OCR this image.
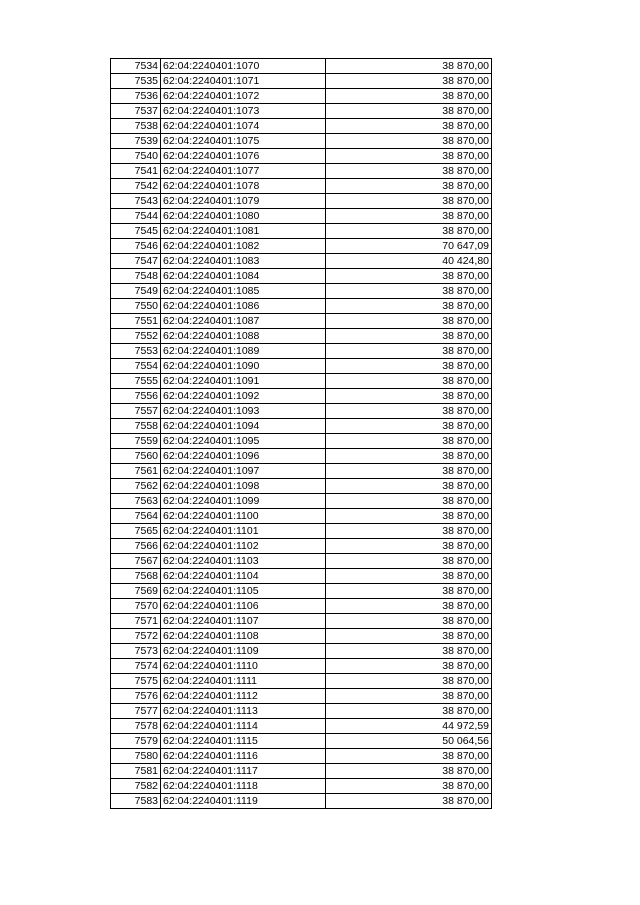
7534	62:04:2240401:1070	38 870,00
7535	62:04:2240401:1071	38 870,00
7536	62:04:2240401:1072	38 870,00
7537	62:04:2240401:1073	38 870,00
7538	62:04:2240401:1074	38 870,00
7539	62:04:2240401:1075	38 870,00
7540	62:04:2240401:1076	38 870,00
7541	62:04:2240401:1077	38 870,00
7542	62:04:2240401:1078	38 870,00
7543	62:04:2240401:1079	38 870,00
7544	62:04:2240401:1080	38 870,00
7545	62:04:2240401:1081	38 870,00
7546	62:04:2240401:1082	70 647,09
7547	62:04:2240401:1083	40 424,80
7548	62:04:2240401:1084	38 870,00
7549	62:04:2240401:1085	38 870,00
7550	62:04:2240401:1086	38 870,00
7551	62:04:2240401:1087	38 870,00
7552	62:04:2240401:1088	38 870,00
7553	62:04:2240401:1089	38 870,00
7554	62:04:2240401:1090	38 870,00
7555	62:04:2240401:1091	38 870,00
7556	62:04:2240401:1092	38 870,00
7557	62:04:2240401:1093	38 870,00
7558	62:04:2240401:1094	38 870,00
7559	62:04:2240401:1095	38 870,00
7560	62:04:2240401:1096	38 870,00
7561	62:04:2240401:1097	38 870,00
7562	62:04:2240401:1098	38 870,00
7563	62:04:2240401:1099	38 870,00
7564	62:04:2240401:1100	38 870,00
7565	62:04:2240401:1101	38 870,00
7566	62:04:2240401:1102	38 870,00
7567	62:04:2240401:1103	38 870,00
7568	62:04:2240401:1104	38 870,00
7569	62:04:2240401:1105	38 870,00
7570	62:04:2240401:1106	38 870,00
7571	62:04:2240401:1107	38 870,00
7572	62:04:2240401:1108	38 870,00
7573	62:04:2240401:1109	38 870,00
7574	62:04:2240401:1110	38 870,00
7575	62:04:2240401:1111	38 870,00
7576	62:04:2240401:1112	38 870,00
7577	62:04:2240401:1113	38 870,00
7578	62:04:2240401:1114	44 972,59
7579	62:04:2240401:1115	50 064,56
7580	62:04:2240401:1116	38 870,00
7581	62:04:2240401:1117	38 870,00
7582	62:04:2240401:1118	38 870,00
7583	62:04:2240401:1119	38 870,00
